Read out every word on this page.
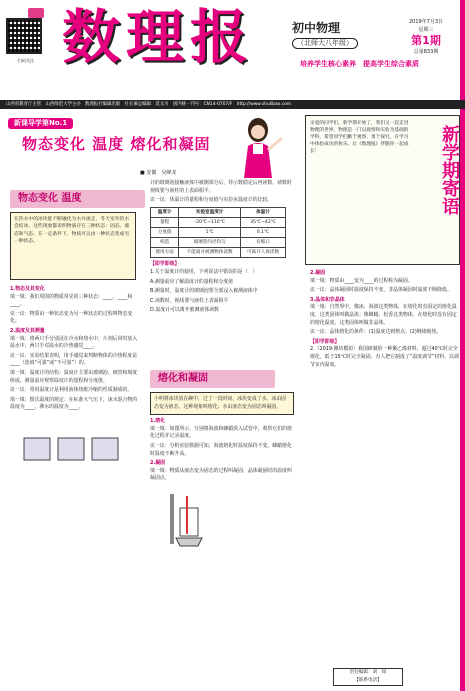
扫码关注 数理报	初中物理
（北师大八年级）
培养学生核心素养　提高学生综合素质
2019年7月3日
星期三
第1期
总第833期
山西省教育厅主管　山西师范大学主办　数理报社编辑出版　社长兼总编辑：延文川　国内统一刊号：CN14-0707/F　http://www.shulibao.com
新课导学第No.1
物态变化 温度 熔化和凝固
■ 安徽　吴峰龙
物态变化 温度
在热水中的冰块能不断融化为水并流走，冬天室外的水会结冰，这些现象都说明物质存在三种状态：固态、液态和气态。在一定条件下，物质可以由一种状态变成另一种状态。
1.物态及其变化

填一填：我们周围的物质常见的三种状态：____、____和____。

议一议：物质由一种状态变为另一种状态的过程叫物态变化。

2.温度及其测量

填一填：将两只手分别浸在冷水和热水中，片刻后同时放入温水中，两只手对温水的冷热感觉____。

议一议：实验结果表明，用手感觉来判断物体的冷热程度是____（选填“可靠”或“不可靠”）的。

填一填：温度计的结构：温度计主要由玻璃泡、细管和刻度组成。测量前应观察温度计的量程和分度值。

议一议：常用温度计是利用液体热胀冷缩的性质制成的。

填一填：摄氏温度的规定：在标准大气压下，冰水混合物的温度为____，沸水的温度为____。

计的玻璃泡接触液体中被测部分后，待示数稳定后再读数，读数时视线要与液柱的上表面相平。

议一议：体温计的量程和分度值与实验室温度计的比较。

温度计	实验室温度计	体温计
量程	-20℃~110℃	35℃~42℃
分度值	1℃	0.1℃
构造	玻璃管内径均匀	有缩口
使用方法	不能离开被测物体读数	可离开人体读数
【即学即练】

1.关于温度计的使用，下列说法中错误的是（　）

A.测量前应了解温度计的量程和分度值

B.测量时，温度计的玻璃泡要全部浸入被测液体中

C.读数时，视线要与液柱上表面相平

D.温度计可以离开被测液体读数

熔化和凝固
小明将冰块放在碗中，过了一段时间，冰块变成了水。冰由固态变为液态，这种现象叫熔化；水由液态变为固态叫凝固。
1.熔化

填一填：如图所示，分别将海波和蜂蜡放入试管中，观察它们的熔化过程并记录温度。

议一议：分析实验数据可知，海波熔化时温度保持不变，蜂蜡熔化时温度不断升高。

2.凝固

填一填：物质从液态变为固态的过程叫凝固，晶体凝固时的温度叫凝固点。

亲爱的同学们，新学期开始了，我们又一起走进物理的世界。物理是一门以观察和实验为基础的学科，希望同学们勤于观察、勇于探究，在学习中体验成功的快乐。让《数理报》伴随你一起成长！	新学期寄语
2.凝固

填一填：物质由____变为____的过程称为凝固。

议一议：晶体凝固时温度保持不变，非晶体凝固时温度不断降低。

3.晶体和非晶体

填一填：自然界中，像冰、海波这类物体，在熔化时有固定的熔化温度，这类固体叫做晶体；像蜂蜡、松香这类物体，在熔化时没有固定的熔化温度，这类固体叫做非晶体。

议一议：晶体熔化的条件：(1)温度达到熔点；(2)继续吸热。

【即学即练】

2.（2019·潍坊模拟）我国研制的一种聚乙烯材料，超过40℃时完全熔化，低于15℃时完全凝固。有人把它制成了“温度调节”材料，以调节室内温度。

责任编辑：刘　绿
【联系电话】
